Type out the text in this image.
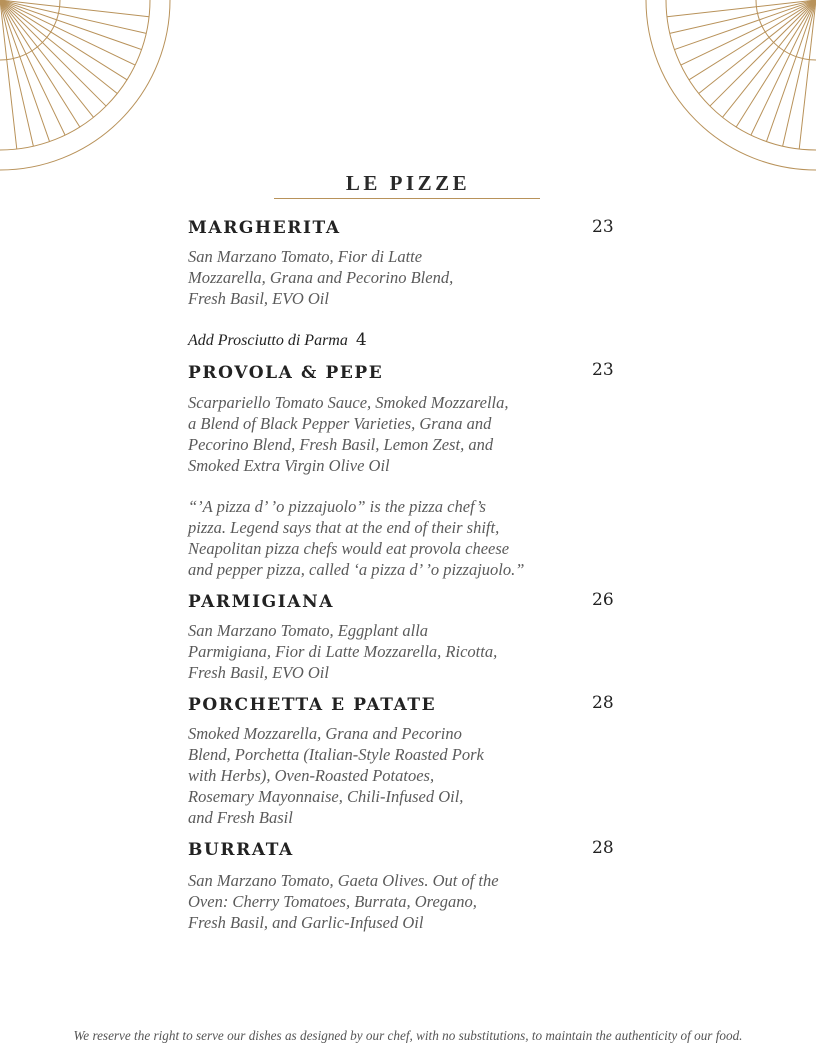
LE PIZZE
MARGHERITA	23

San Marzano Tomato, Fior di Latte
Mozzarella, Grana and Pecorino Blend,
Fresh Basil, EVO Oil

Add Prosciutto di Parma 4

PROVOLA & PEPE	23

Scarpariello Tomato Sauce, Smoked Mozzarella,
a Blend of Black Pepper Varieties, Grana and
Pecorino Blend, Fresh Basil, Lemon Zest, and
Smoked Extra Virgin Olive Oil

“’A pizza d’ ’o pizzajuolo” is the pizza chef’s
pizza. Legend says that at the end of their shift,
Neapolitan pizza chefs would eat provola cheese
and pepper pizza, called ‘a pizza d’ ’o pizzajuolo.”

PARMIGIANA	26

San Marzano Tomato, Eggplant alla
Parmigiana, Fior di Latte Mozzarella, Ricotta,
Fresh Basil, EVO Oil

PORCHETTA E PATATE	28

Smoked Mozzarella, Grana and Pecorino
Blend, Porchetta (Italian-Style Roasted Pork
with Herbs), Oven-Roasted Potatoes,
Rosemary Mayonnaise, Chili-Infused Oil,
and Fresh Basil

BURRATA	28

San Marzano Tomato, Gaeta Olives. Out of the
Oven: Cherry Tomatoes, Burrata, Oregano,
Fresh Basil, and Garlic-Infused Oil

We reserve the right to serve our dishes as designed by our chef, with no substitutions, to maintain the authenticity of our food.
